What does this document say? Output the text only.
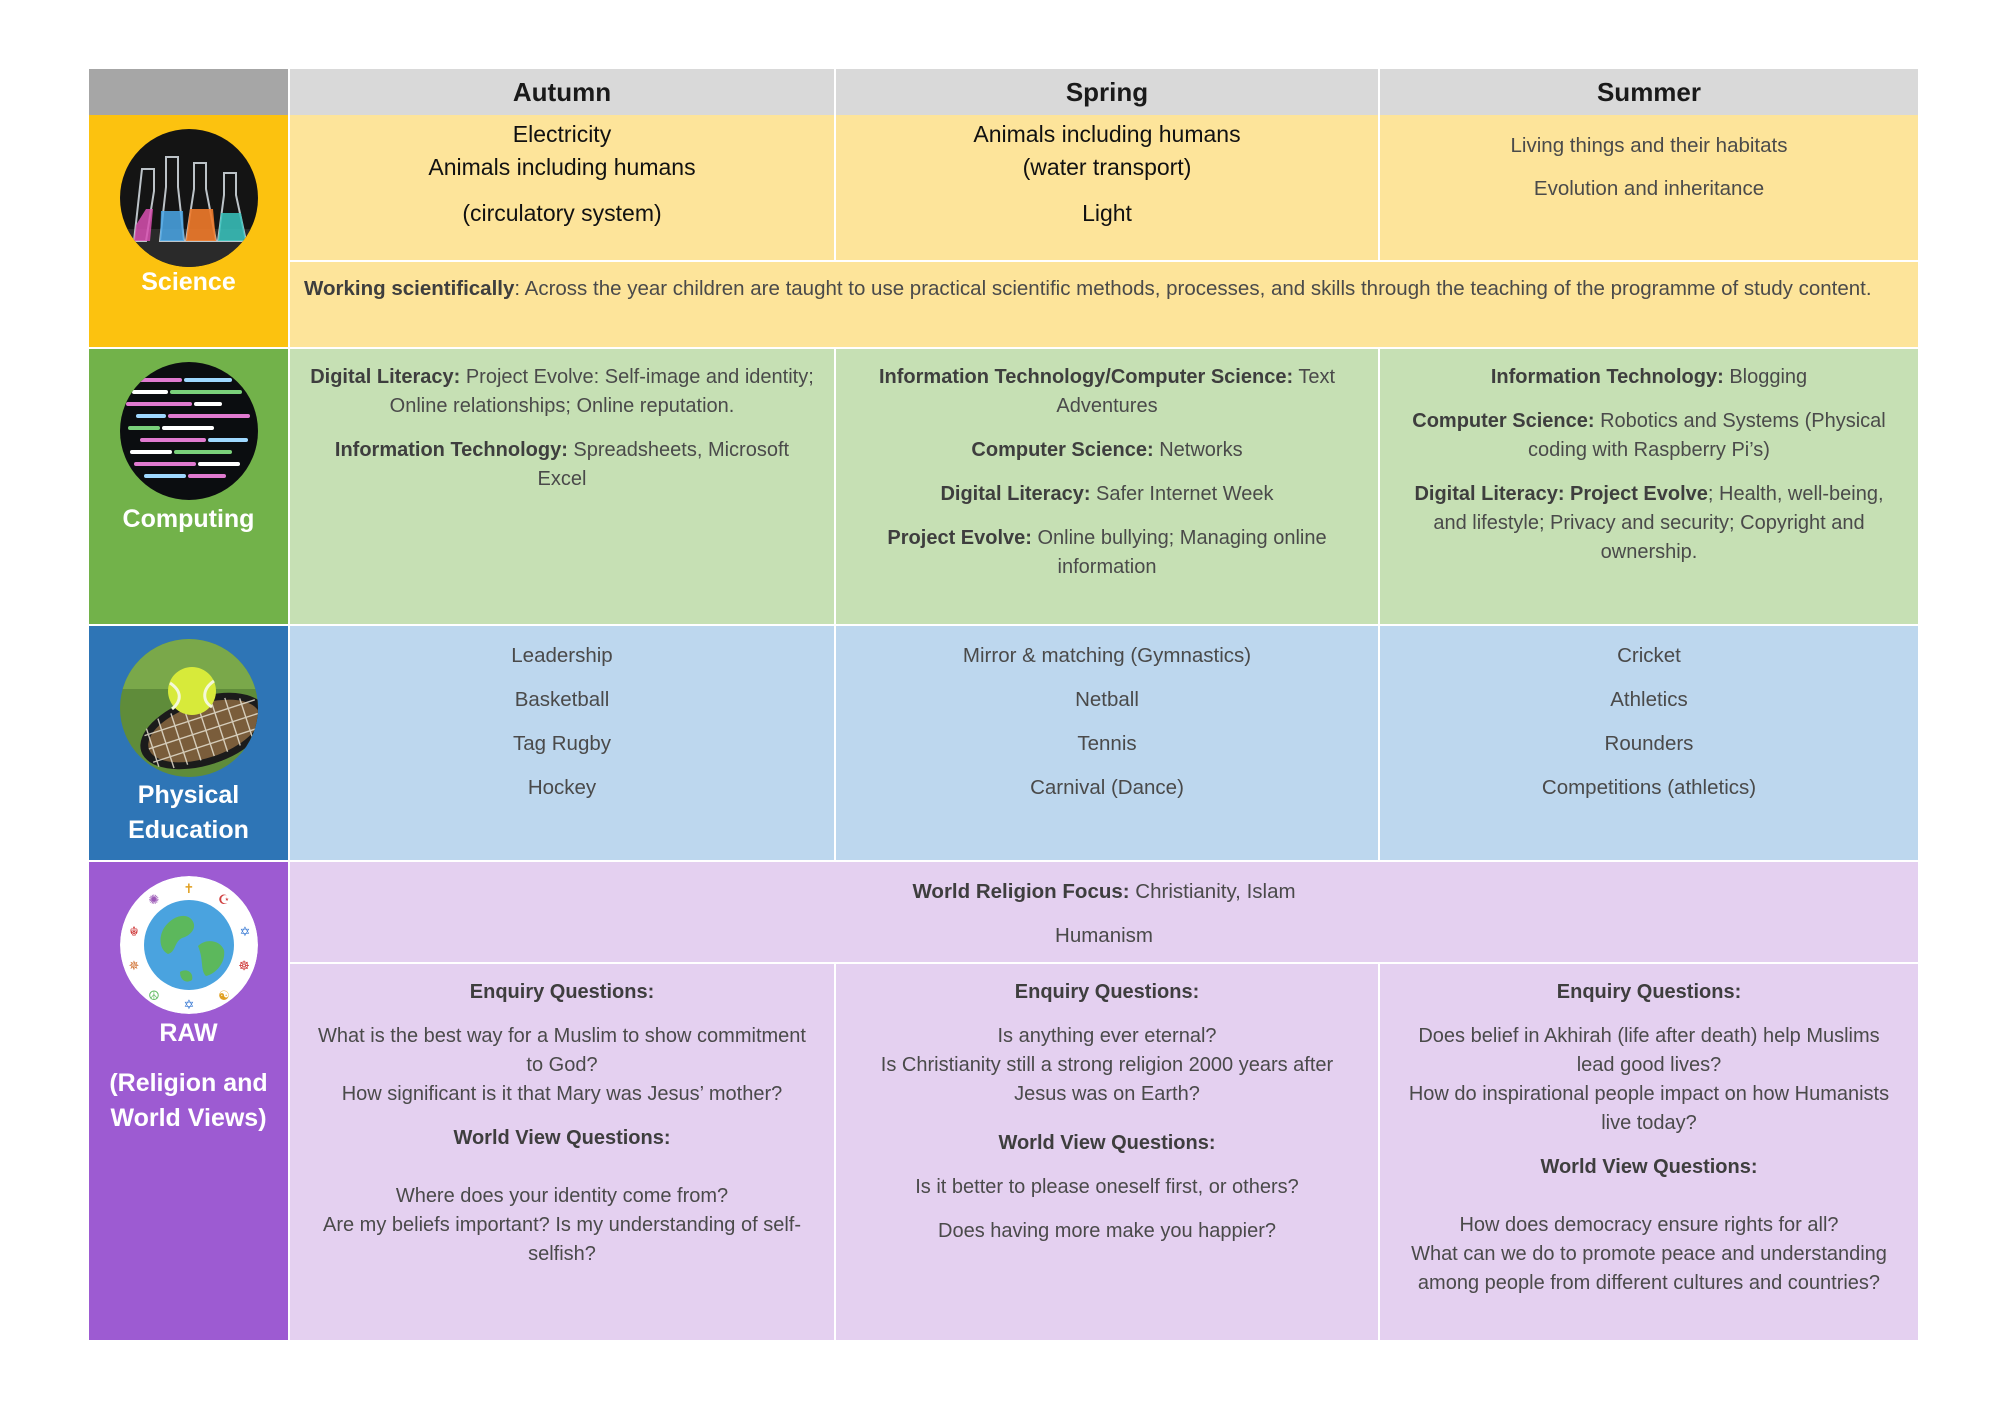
Autumn	Spring	Summer
Science
Electricity
Animals including humans
(circulatory system)
Animals including humans
(water transport)
Light
Living things and their habitats
Evolution and inheritance
Working scientifically: Across the year children are taught to use practical scientific methods, processes, and skills through the teaching of the programme of study content.
Computing

Digital Literacy: Project Evolve: Self-image and identity; Online relationships; Online reputation.

Information Technology: Spreadsheets, Microsoft Excel

Information Technology/Computer Science: Text Adventures

Computer Science: Networks

Digital Literacy: Safer Internet Week

Project Evolve: Online bullying; Managing online information

Information Technology: Blogging

Computer Science: Robotics and Systems (Physical coding with Raspberry Pi’s)

Digital Literacy: Project Evolve; Health, well-being, and lifestyle; Privacy and security; Copyright and ownership.

Physical
Education
Leadership
Basketball
Tag Rugby
Hockey
Mirror & matching (Gymnastics)
Netball
Tennis
Carnival (Dance)
Cricket
Athletics
Rounders
Competitions (athletics)
✝
☪
✡
☸
☯
✡
☮
✵
☬
✺
RAW
(Religion and
World Views)
World Religion Focus: Christianity, Islam
Humanism

Enquiry Questions:

What is the best way for a Muslim to show commitment to God?

How significant is it that Mary was Jesus’ mother?

World View Questions:

Where does your identity come from?

Are my beliefs important? Is my understanding of self-selfish?

Enquiry Questions:

Is anything ever eternal?

Is Christianity still a strong religion 2000 years after Jesus was on Earth?

World View Questions:

Is it better to please oneself first, or others?

Does having more make you happier?

Enquiry Questions:

Does belief in Akhirah (life after death) help Muslims lead good lives?

How do inspirational people impact on how Humanists live today?

World View Questions:

How does democracy ensure rights for all?

What can we do to promote peace and understanding among people from different cultures and countries?
